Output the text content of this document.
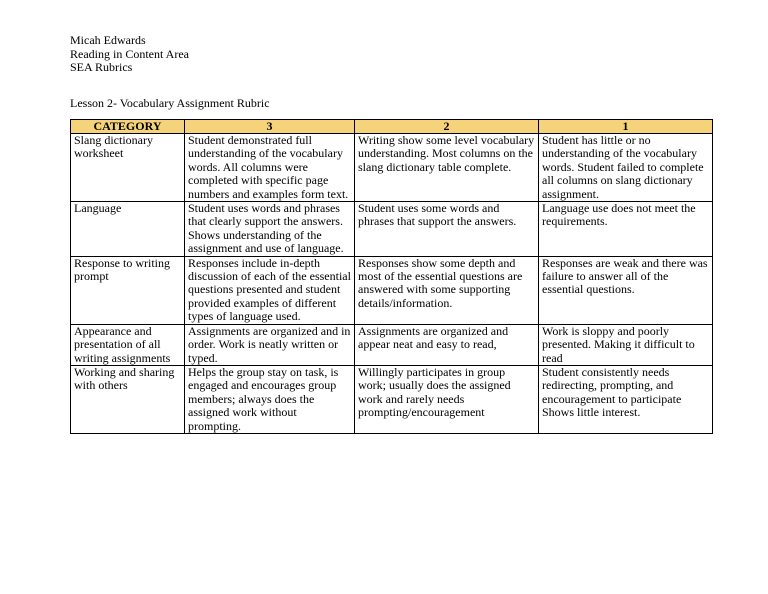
Micah Edwards
Reading in Content Area
SEA Rubrics
Lesson 2- Vocabulary Assignment Rubric
CATEGORY	3	2	1
Slang dictionary worksheet	Student demonstrated full understanding of the vocabulary words. All columns were completed with specific page numbers and examples form text.	Writing show some level vocabulary understanding. Most columns on the slang dictionary table complete.	Student has little or no understanding of the vocabulary words. Student failed to complete all columns on slang dictionary assignment.
Language	Student uses words and phrases that clearly support the answers. Shows understanding of the assignment and use of language.	Student uses some words and phrases that support the answers.	Language use does not meet the requirements.
Response to writing prompt	Responses include in-depth discussion of each of the essential questions presented and student provided examples of different types of language used.	Responses show some depth and most of the essential questions are answered with some supporting details/information.	Responses are weak and there was failure to answer all of the essential questions.
Appearance and presentation of all writing assignments	Assignments are organized and in order. Work is neatly written or typed.	Assignments are organized and appear neat and easy to read,	Work is sloppy and poorly presented. Making it difficult to read
Working and sharing with others	Helps the group stay on task, is engaged and encourages group members; always does the assigned work without prompting.	Willingly participates in group work; usually does the assigned work and rarely needs prompting/encouragement	Student consistently needs redirecting, prompting, and encouragement to participate Shows little interest.
